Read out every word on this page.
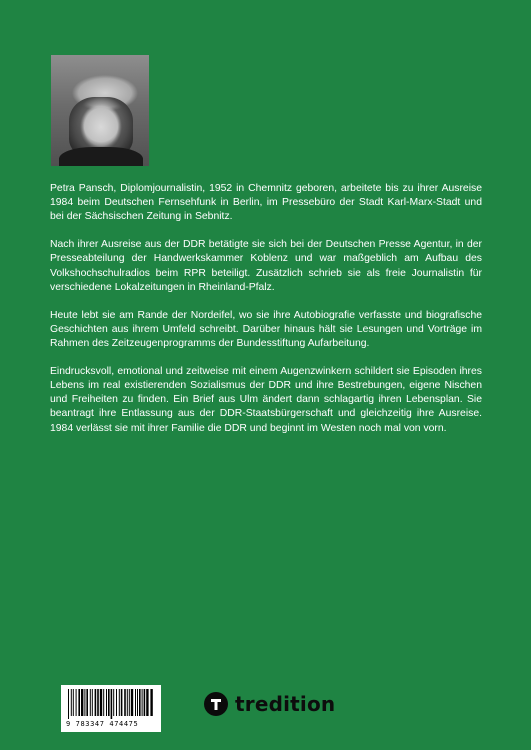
Petra Pansch, Diplomjournalistin, 1952 in Chemnitz geboren, arbeitete bis zu ihrer Ausreise 1984 beim Deutschen Fernsehfunk in Berlin, im Pressebüro der Stadt Karl-Marx-Stadt und bei der Sächsischen Zeitung in Sebnitz.

Nach ihrer Ausreise aus der DDR betätigte sie sich bei der Deutschen Presse Agentur, in der Presseabteilung der Handwerkskammer Koblenz und war maßgeblich am Aufbau des Volkshochschulradios beim RPR beteiligt. Zusätzlich schrieb sie als freie Journalistin für verschiedene Lokalzeitungen in Rheinland-Pfalz.

Heute lebt sie am Rande der Nordeifel, wo sie ihre Autobiografie verfasste und biografische Geschichten aus ihrem Umfeld schreibt. Darüber hinaus hält sie Lesungen und Vorträge im Rahmen des Zeitzeugenprogramms der Bundesstiftung Aufarbeitung.

Eindrucksvoll, emotional und zeitweise mit einem Augenzwinkern schildert sie Episoden ihres Lebens im real existierenden Sozialismus der DDR und ihre Bestrebungen, eigene Nischen und Freiheiten zu finden. Ein Brief aus Ulm ändert dann schlagartig ihren Lebensplan. Sie beantragt ihre Entlassung aus der DDR-Staatsbürgerschaft und gleichzeitig ihre Ausreise. 1984 verlässt sie mit ihrer Familie die DDR und beginnt im Westen noch mal von vorn.

9 783347 474475
tredition
